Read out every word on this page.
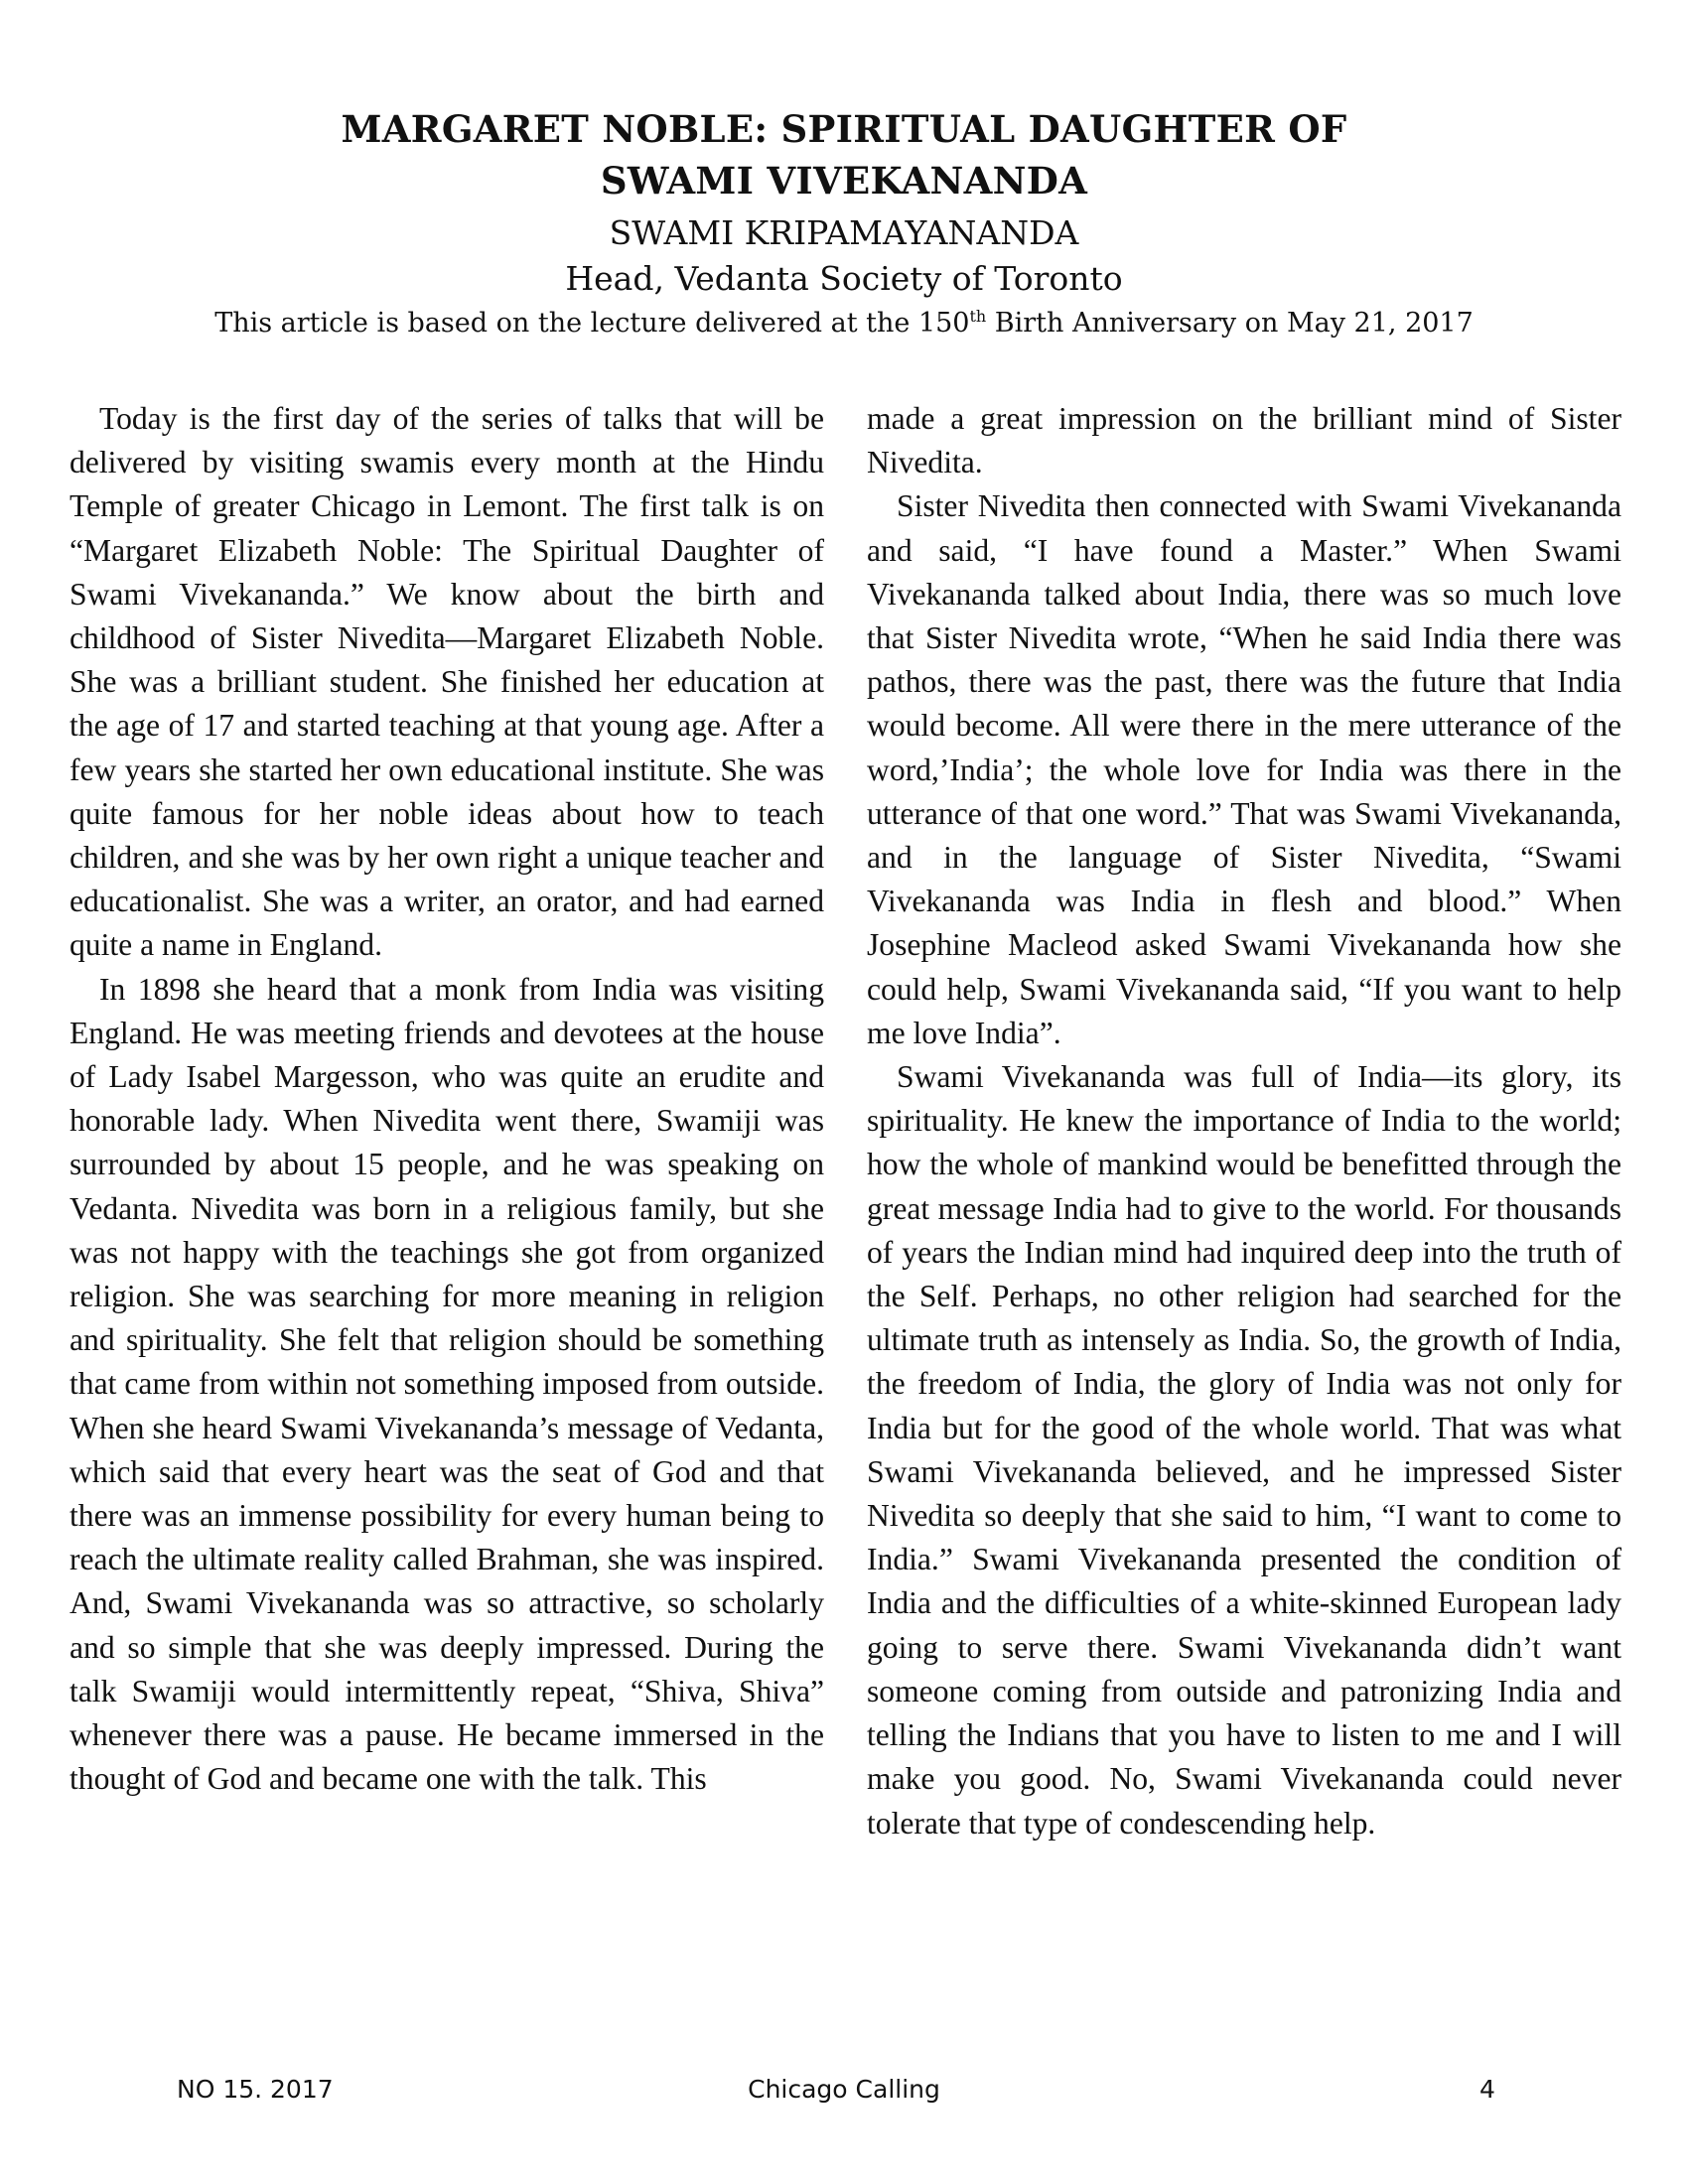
MARGARET NOBLE: SPIRITUAL DAUGHTER OF
SWAMI VIVEKANANDA
SWAMI KRIPAMAYANANDA
Head, Vedanta Society of Toronto
This article is based on the lecture delivered at the 150th Birth Anniversary on May 21, 2017

Today is the first day of the series of talks that will be delivered by visiting swamis every month at the Hindu Temple of greater Chicago in Lemont. The first talk is on “Margaret Elizabeth Noble: The Spiritual Daughter of Swami Vivekananda.” We know about the birth and childhood of Sister Nivedita—Margaret Elizabeth Noble. She was a brilliant student. She finished her education at the age of 17 and started teaching at that young age. After a few years she started her own educational institute. She was quite famous for her noble ideas about how to teach children, and she was by her own right a unique teacher and educationalist. She was a writer, an orator, and had earned quite a name in England.

In 1898 she heard that a monk from India was visiting England. He was meeting friends and devotees at the house of Lady Isabel Margesson, who was quite an erudite and honorable lady. When Nivedita went there, Swamiji was surrounded by about 15 people, and he was speaking on Vedanta. Nivedita was born in a religious family, but she was not happy with the teachings she got from organized religion. She was searching for more meaning in religion and spirituality. She felt that religion should be something that came from within not something imposed from outside. When she heard Swami Vivekananda’s message of Vedanta, which said that every heart was the seat of God and that there was an immense possibility for every human being to reach the ultimate reality called Brahman, she was inspired. And, Swami Vivekananda was so attractive, so scholarly and so simple that she was deeply impressed. During the talk Swamiji would intermittently repeat, “Shiva, Shiva” whenever there was a pause. He became immersed in the thought of God and became one with the talk. This

made a great impression on the brilliant mind of Sister Nivedita.

Sister Nivedita then connected with Swami Vivekananda and said, “I have found a Master.” When Swami Vivekananda talked about India, there was so much love that Sister Nivedita wrote, “When he said India there was pathos, there was the past, there was the future that India would become. All were there in the mere utterance of the word,’India’; the whole love for India was there in the utterance of that one word.” That was Swami Vivekananda, and in the language of Sister Nivedita, “Swami Vivekananda was India in flesh and blood.” When Josephine Macleod asked Swami Vivekananda how she could help, Swami Vivekananda said, “If you want to help me love India”.

Swami Vivekananda was full of India—its glory, its spirituality. He knew the importance of India to the world; how the whole of mankind would be benefitted through the great message India had to give to the world. For thousands of years the Indian mind had inquired deep into the truth of the Self. Perhaps, no other religion had searched for the ultimate truth as intensely as India. So, the growth of India, the freedom of India, the glory of India was not only for India but for the good of the whole world. That was what Swami Vivekananda believed, and he impressed Sister Nivedita so deeply that she said to him, “I want to come to India.” Swami Vivekananda presented the condition of India and the difficulties of a white-skinned European lady going to serve there. Swami Vivekananda didn’t want someone coming from outside and patronizing India and telling the Indians that you have to listen to me and I will make you good. No, Swami Vivekananda could never tolerate that type of condescending help.

Chicago Calling
NO 15. 2017	4
